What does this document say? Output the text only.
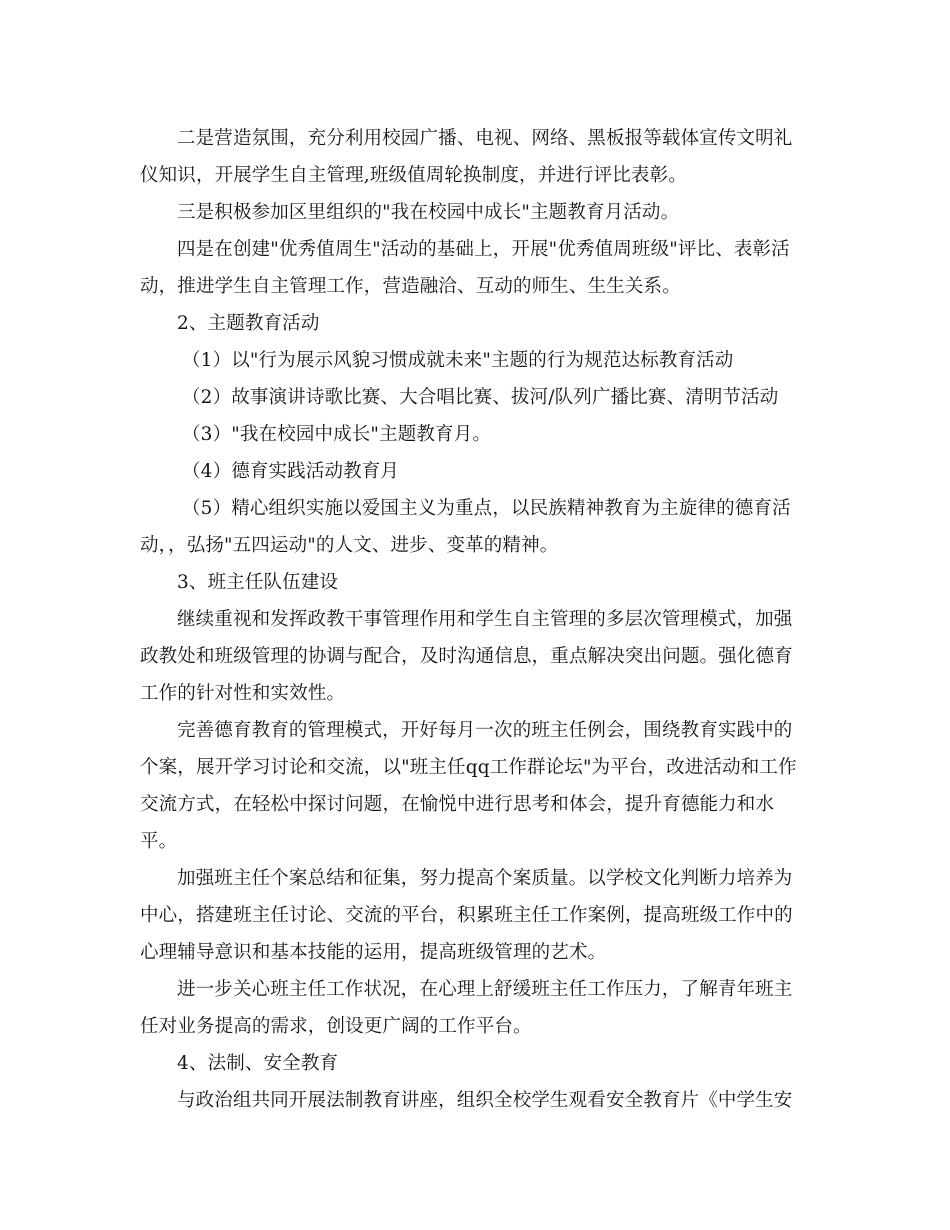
二是营造氛围，充分利用校园广播、电视、网络、黑板报等载体宣传文明礼

仪知识，开展学生自主管理,班级值周轮换制度，并进行评比表彰。

三是积极参加区里组织的"我在校园中成长"主题教育月活动。

四是在创建"优秀值周生"活动的基础上，开展"优秀值周班级"评比、表彰活

动，推进学生自主管理工作，营造融洽、互动的师生、生生关系。

2、主题教育活动

（1）以"行为展示风貌习惯成就未来"主题的行为规范达标教育活动

（2）故事演讲诗歌比赛、大合唱比赛、拔河/队列广播比赛、清明节活动

（3）"我在校园中成长"主题教育月。

（4）德育实践活动教育月

（5）精心组织实施以爱国主义为重点，以民族精神教育为主旋律的德育活

动，，弘扬"五四运动"的人文、进步、变革的精神。

3、班主任队伍建设

继续重视和发挥政教干事管理作用和学生自主管理的多层次管理模式，加强

政教处和班级管理的协调与配合，及时沟通信息，重点解决突出问题。强化德育

工作的针对性和实效性。

完善德育教育的管理模式，开好每月一次的班主任例会，围绕教育实践中的

个案，展开学习讨论和交流，以"班主任qq工作群论坛"为平台，改进活动和工作

交流方式，在轻松中探讨问题，在愉悦中进行思考和体会，提升育德能力和水

平。

加强班主任个案总结和征集，努力提高个案质量。以学校文化判断力培养为

中心，搭建班主任讨论、交流的平台，积累班主任工作案例，提高班级工作中的

心理辅导意识和基本技能的运用，提高班级管理的艺术。

进一步关心班主任工作状况，在心理上舒缓班主任工作压力，了解青年班主

任对业务提高的需求，创设更广阔的工作平台。

4、法制、安全教育

与政治组共同开展法制教育讲座，组织全校学生观看安全教育片《中学生安
